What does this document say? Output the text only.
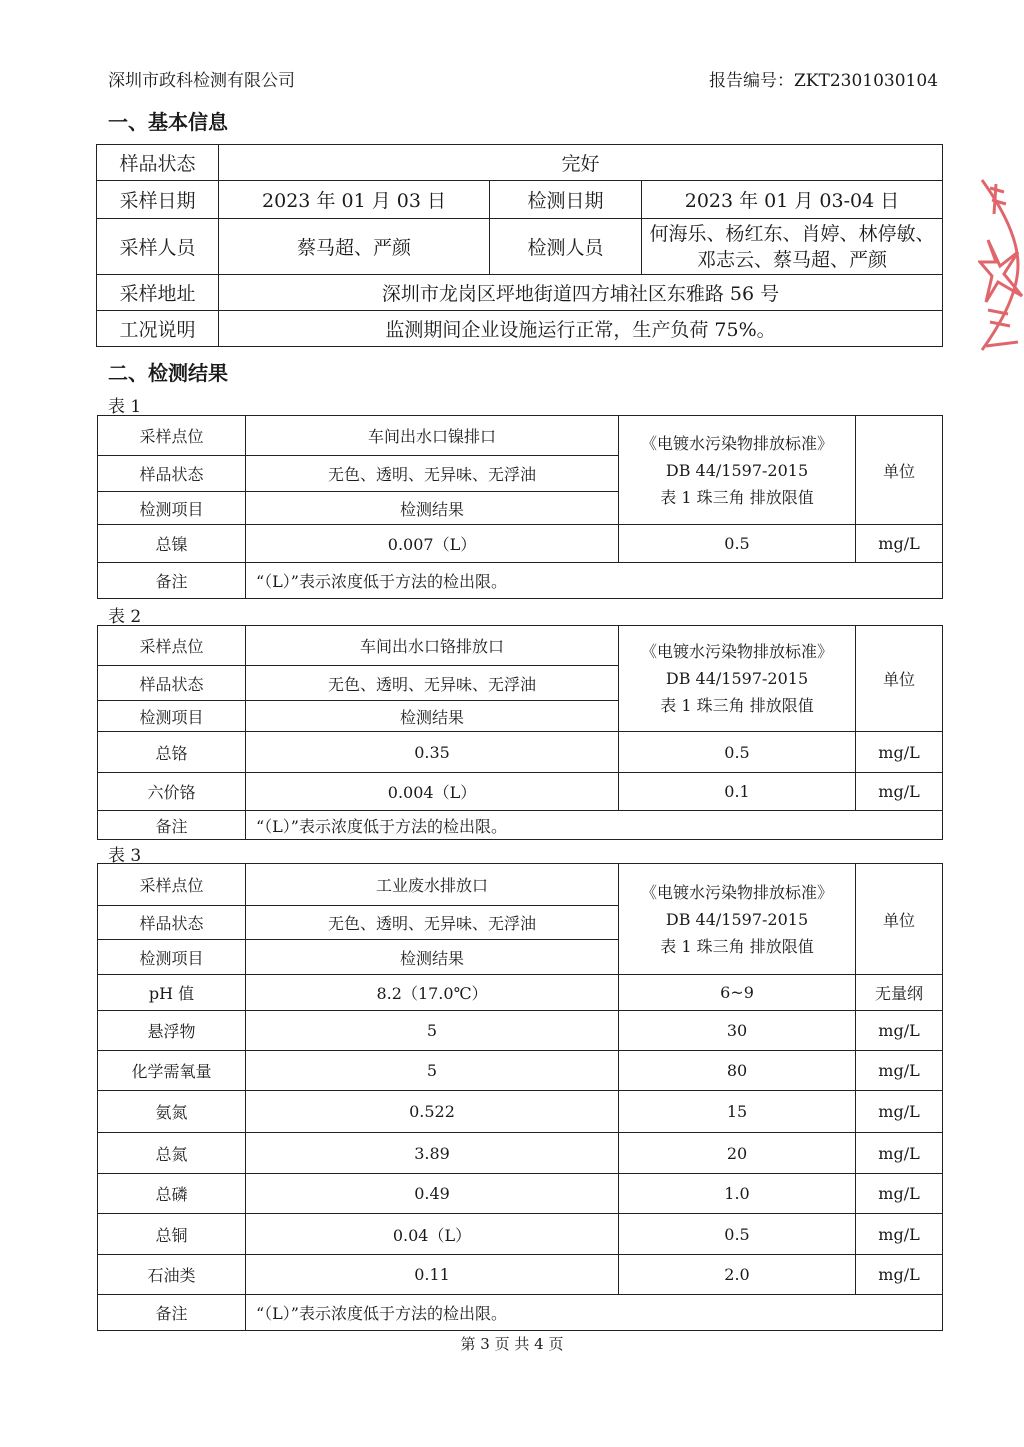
深圳市政科检测有限公司	报告编号：ZKT2301030104
一、基本信息
样品状态	完好		
采样日期	2023 年 01 月 03 日	检测日期	2023 年 01 月 03-04 日
采样人员	蔡马超、严颜	检测人员	何海乐、杨红东、肖婷、林停敏、
邓志云、蔡马超、严颜

采样地址	深圳市龙岗区坪地街道四方埔社区东雅路 56 号		
工况说明	监测期间企业设施运行正常，生产负荷 75%。		
二、检测结果
表 1
采样点位	车间出水口镍排口	《电镀水污染物排放标准》
DB 44/1597-2015
表 1 珠三角 排放限值	单位
样品状态	无色、透明、无异味、无浮油		
检测项目	检测结果		
总镍	0.007（L）	0.5	mg/L
备注	“（L）”表示浓度低于方法的检出限。		
表 2
采样点位	车间出水口铬排放口	《电镀水污染物排放标准》
DB 44/1597-2015
表 1 珠三角 排放限值	单位
样品状态	无色、透明、无异味、无浮油		
检测项目	检测结果		
总铬	0.35	0.5	mg/L
六价铬	0.004（L）	0.1	mg/L
备注	“（L）”表示浓度低于方法的检出限。		
表 3
采样点位	工业废水排放口	《电镀水污染物排放标准》
DB 44/1597-2015
表 1 珠三角 排放限值	单位
样品状态	无色、透明、无异味、无浮油		
检测项目	检测结果		
pH 值	8.2（17.0℃）	6~9	无量纲
悬浮物	5	30	mg/L
化学需氧量	5	80	mg/L
氨氮	0.522	15	mg/L
总氮	3.89	20	mg/L
总磷	0.49	1.0	mg/L
总铜	0.04（L）	0.5	mg/L
石油类	0.11	2.0	mg/L
备注	“（L）”表示浓度低于方法的检出限。		
第 3 页 共 4 页
